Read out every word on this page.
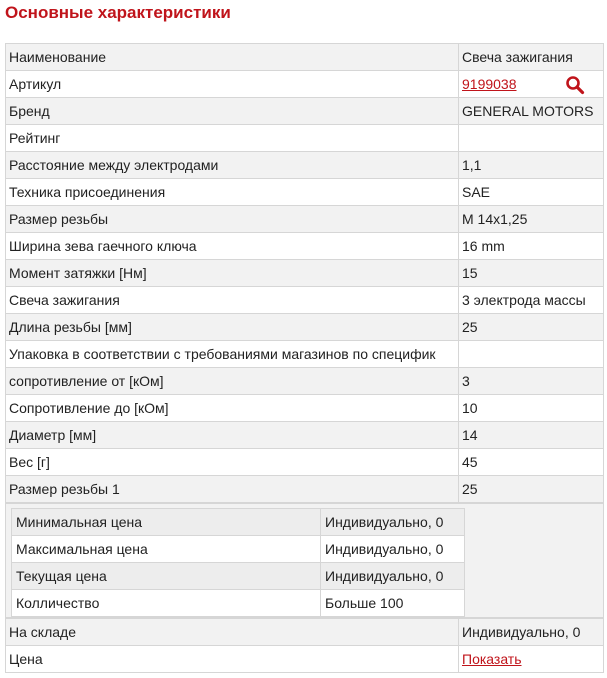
Основные характеристики
Наименование	Свеча зажигания
Артикул	9199038

Бренд	GENERAL MOTORS
Рейтинг	
Расстояние между электродами	1,1
Техника присоединения	SAE
Размер резьбы	M 14x1,25
Ширина зева гаечного ключа	16 mm
Момент затяжки [Нм]	15
Свеча зажигания	3 электрода массы
Длина резьбы [мм]	25
Упаковка в соответствии с требованиями магазинов по специфик	
сопротивление от [кОм]	3
Сопротивление до [кОм]	10
Диаметр [мм]	14
Вес [г]	45
Размер резьбы 1	25
Минимальная цена	Индивидуально, 0
Максимальная цена	Индивидуально, 0
Текущая цена	Индивидуально, 0
Колличество	Больше 100
На складе	Индивидуально, 0
Цена	Показать
